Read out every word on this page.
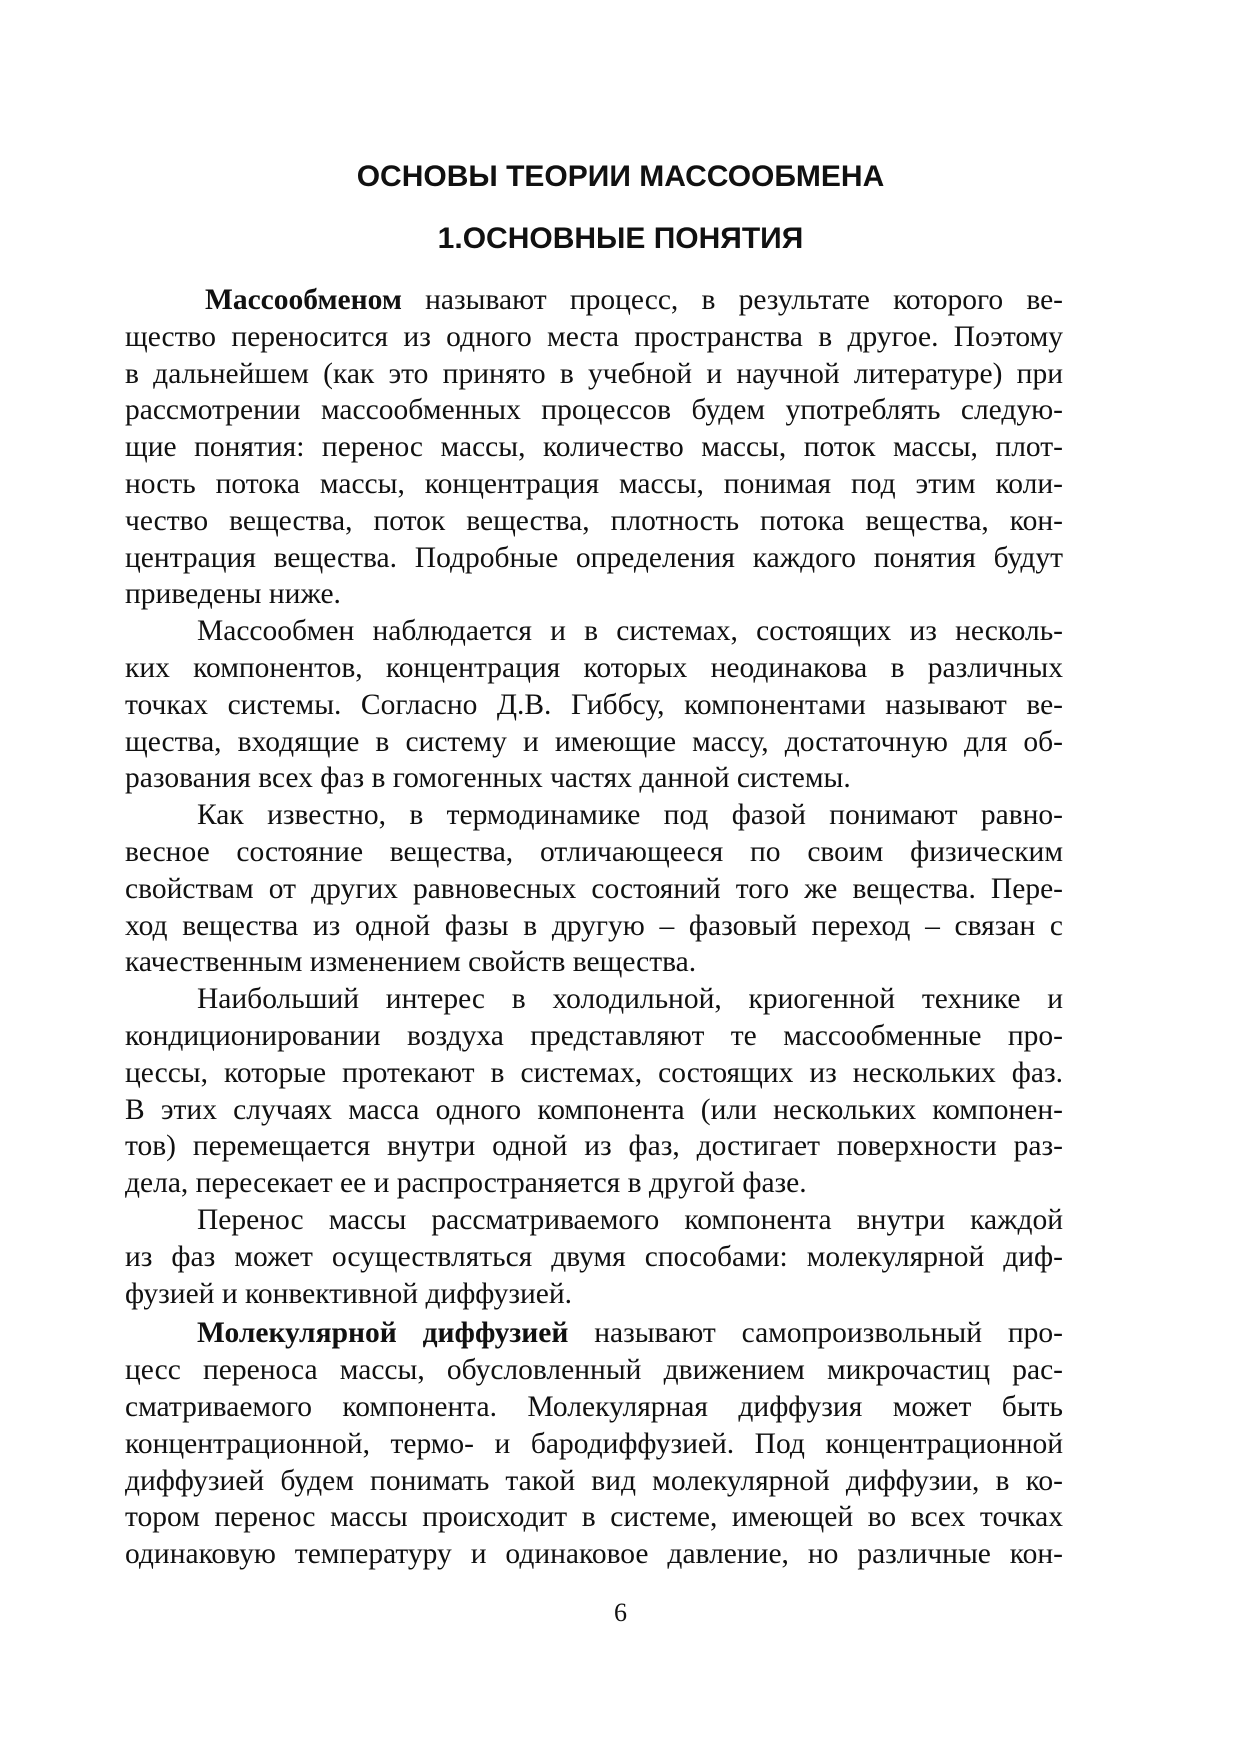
ОСНОВЫ ТЕОРИИ МАССООБМЕНА
1.ОСНОВНЫЕ ПОНЯТИЯ
Массообменом называют процесс, в результате которого ве-
щество переносится из одного места пространства в другое. Поэтому
в дальнейшем (как это принято в учебной и научной литературе) при
рассмотрении массообменных процессов будем употреблять следую-
щие понятия: перенос массы, количество массы, поток массы, плот-
ность потока массы, концентрация массы, понимая под этим коли-
чество вещества, поток вещества, плотность потока вещества, кон-
центрация вещества. Подробные определения каждого понятия будут
приведены ниже.
Массообмен наблюдается и в системах, состоящих из несколь-
ких компонентов, концентрация которых неодинакова в различных
точках системы. Согласно Д.В. Гиббсу, компонентами называют ве-
щества, входящие в систему и имеющие массу, достаточную для об-
разования всех фаз в гомогенных частях данной системы.
Как известно, в термодинамике под фазой понимают равно-
весное состояние вещества, отличающееся по своим физическим
свойствам от других равновесных состояний того же вещества. Пере-
ход вещества из одной фазы в другую – фазовый переход – связан с
качественным изменением свойств вещества.
Наибольший интерес в холодильной, криогенной технике и
кондиционировании воздуха представляют те массообменные про-
цессы, которые протекают в системах, состоящих из нескольких фаз.
В этих случаях масса одного компонента (или нескольких компонен-
тов) перемещается внутри одной из фаз, достигает поверхности раз-
дела, пересекает ее и распространяется в другой фазе.
Перенос массы рассматриваемого компонента внутри каждой
из фаз может осуществляться двумя способами: молекулярной диф-
фузией и конвективной диффузией.
Молекулярной диффузией называют самопроизвольный про-
цесс переноса массы, обусловленный движением микрочастиц рас-
сматриваемого компонента. Молекулярная диффузия может быть
концентрационной, термо- и бародиффузией. Под концентрационной
диффузией будем понимать такой вид молекулярной диффузии, в ко-
тором перенос массы происходит в системе, имеющей во всех точках
одинаковую температуру и одинаковое давление, но различные кон-
6
